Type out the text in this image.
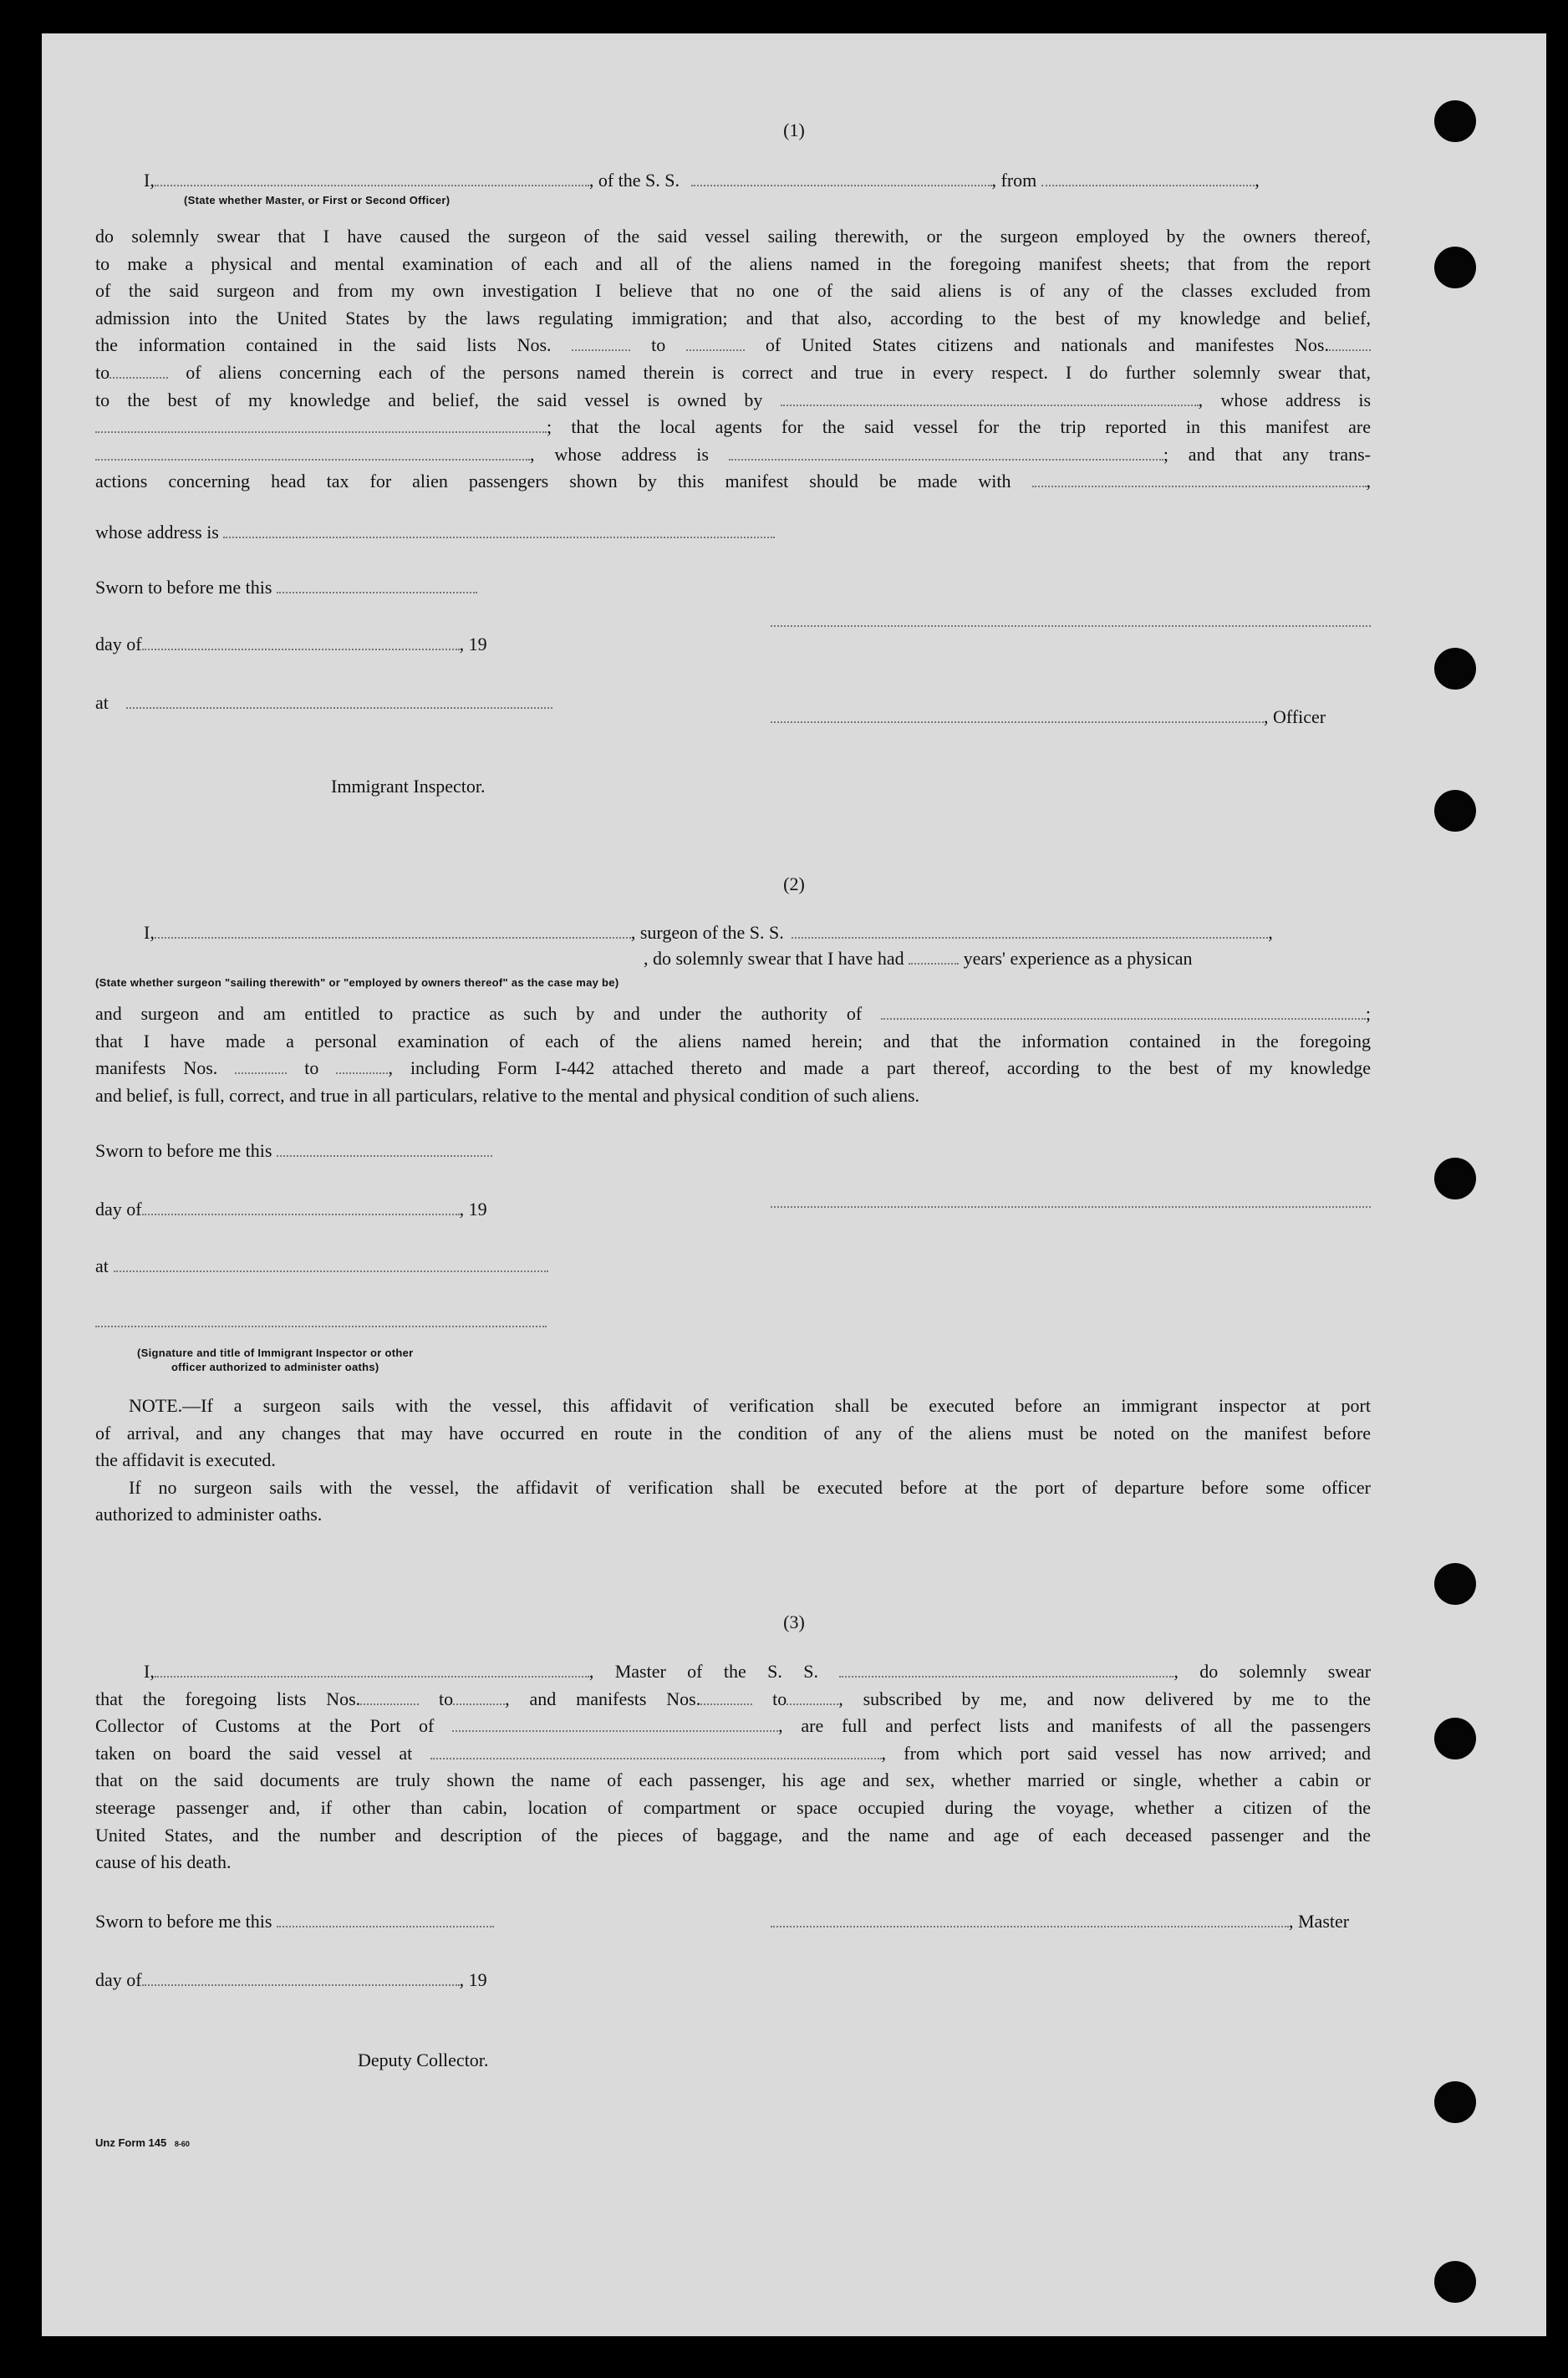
(1)
I,	, of the S. S.	, from	,
(State whether Master, or First or Second Officer)
do solemnly swear that I have caused the surgeon of the said vessel sailing therewith, or the surgeon employed by the owners thereof,
to make a physical and mental examination of each and all of the aliens named in the foregoing manifest sheets; that from the report
of the said surgeon and from my own investigation I believe that no one of the said aliens is of any of the classes excluded from
admission into the United States by the laws regulating immigration; and that also, according to the best of my knowledge and belief,
the information contained in the said lists Nos.	to	of United States citizens and nationals and manifestes Nos.
to	of aliens concerning each of the persons named therein is correct and true in every respect. I do further solemnly swear that,
to the best of my knowledge and belief, the said vessel is owned by	, whose address is
; that the local agents for the said vessel for the trip reported in this manifest are
, whose address is	; and that any trans-
actions concerning head tax for alien passengers shown by this manifest should be made with	,
whose address is
Sworn to before me this
day of	, 19
at
, Officer
Immigrant Inspector.
(2)
I,	, surgeon of the S. S.	,
, do solemnly swear that I have had	years' experience as a physican
(State whether surgeon "sailing therewith" or "employed by owners thereof" as the case may be)
and surgeon and am entitled to practice as such by and under the authority of	;
that I have made a personal examination of each of the aliens named herein; and that the information contained in the foregoing
manifests Nos.	to	, including Form I-442 attached thereto and made a part thereof, according to the best of my knowledge
and belief, is full, correct, and true in all particulars, relative to the mental and physical condition of such aliens.
Sworn to before me this
day of	, 19
at
(Signature and title of Immigrant Inspector or other
officer authorized to administer oaths)
NOTE.—If a surgeon sails with the vessel, this affidavit of verification shall be executed before an immigrant inspector at port
of arrival, and any changes that may have occurred en route in the condition of any of the aliens must be noted on the manifest before
the affidavit is executed.
If no surgeon sails with the vessel, the affidavit of verification shall be executed before at the port of departure before some officer
authorized to administer oaths.
(3)
I,	, Master of the S. S.	, do solemnly swear
that the foregoing lists Nos.	to	, and manifests Nos.	to	, subscribed by me, and now delivered by me to the
Collector of Customs at the Port of	, are full and perfect lists and manifests of all the passengers
taken on board the said vessel at	, from which port said vessel has now arrived; and
that on the said documents are truly shown the name of each passenger, his age and sex, whether married or single, whether a cabin or
steerage passenger and, if other than cabin, location of compartment or space occupied during the voyage, whether a citizen of the
United States, and the number and description of the pieces of baggage, and the name and age of each deceased passenger and the
cause of his death.
Sworn to before me this	, Master
day of	, 19
Deputy Collector.
Unz Form 145 8-60
